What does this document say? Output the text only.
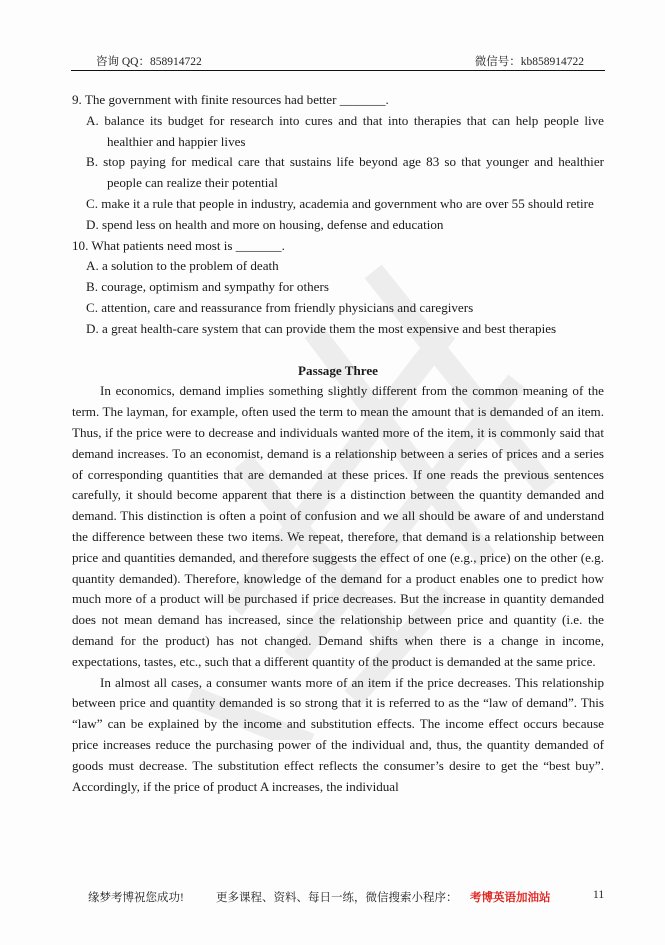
咨询 QQ：858914722	微信号：kb858914722

9. The government with finite resources had better _______.

A. balance its budget for research into cures and that into therapies that can help people live healthier and happier lives

B. stop paying for medical care that sustains life beyond age 83 so that younger and healthier people can realize their potential

C. make it a rule that people in industry, academia and government who are over 55 should retire

D. spend less on health and more on housing, defense and education

10. What patients need most is _______.

A. a solution to the problem of death

B. courage, optimism and sympathy for others

C. attention, care and reassurance from friendly physicians and caregivers

D. a great health-care system that can provide them the most expensive and best therapies

Passage Three

In economics, demand implies something slightly different from the common meaning of the term. The layman, for example, often used the term to mean the amount that is demanded of an item. Thus, if the price were to decrease and individuals wanted more of the item, it is commonly said that demand increases. To an economist, demand is a relationship between a series of prices and a series of corresponding quantities that are demanded at these prices. If one reads the previous sentences carefully, it should become apparent that there is a distinction between the quantity demanded and demand. This distinction is often a point of confusion and we all should be aware of and understand the difference between these two items. We repeat, therefore, that demand is a relationship between price and quantities demanded, and therefore suggests the effect of one (e.g., price) on the other (e.g. quantity demanded). Therefore, knowledge of the demand for a product enables one to predict how much more of a product will be purchased if price decreases. But the increase in quantity demanded does not mean demand has increased, since the relationship between price and quantity (i.e. the demand for the product) has not changed. Demand shifts when there is a change in income, expectations, tastes, etc., such that a different quantity of the product is demanded at the same price.

In almost all cases, a consumer wants more of an item if the price decreases. This relationship between price and quantity demanded is so strong that it is referred to as the “law of demand”. This “law” can be explained by the income and substitution effects. The income effect occurs because price increases reduce the purchasing power of the individual and, thus, the quantity demanded of goods must decrease. The substitution effect reflects the consumer’s desire to get the “best buy”. Accordingly, if the price of product A increases, the individual

缘梦考博祝您成功!	更多课程、资料、每日一练，微信搜索小程序： 考博英语加油站	11
